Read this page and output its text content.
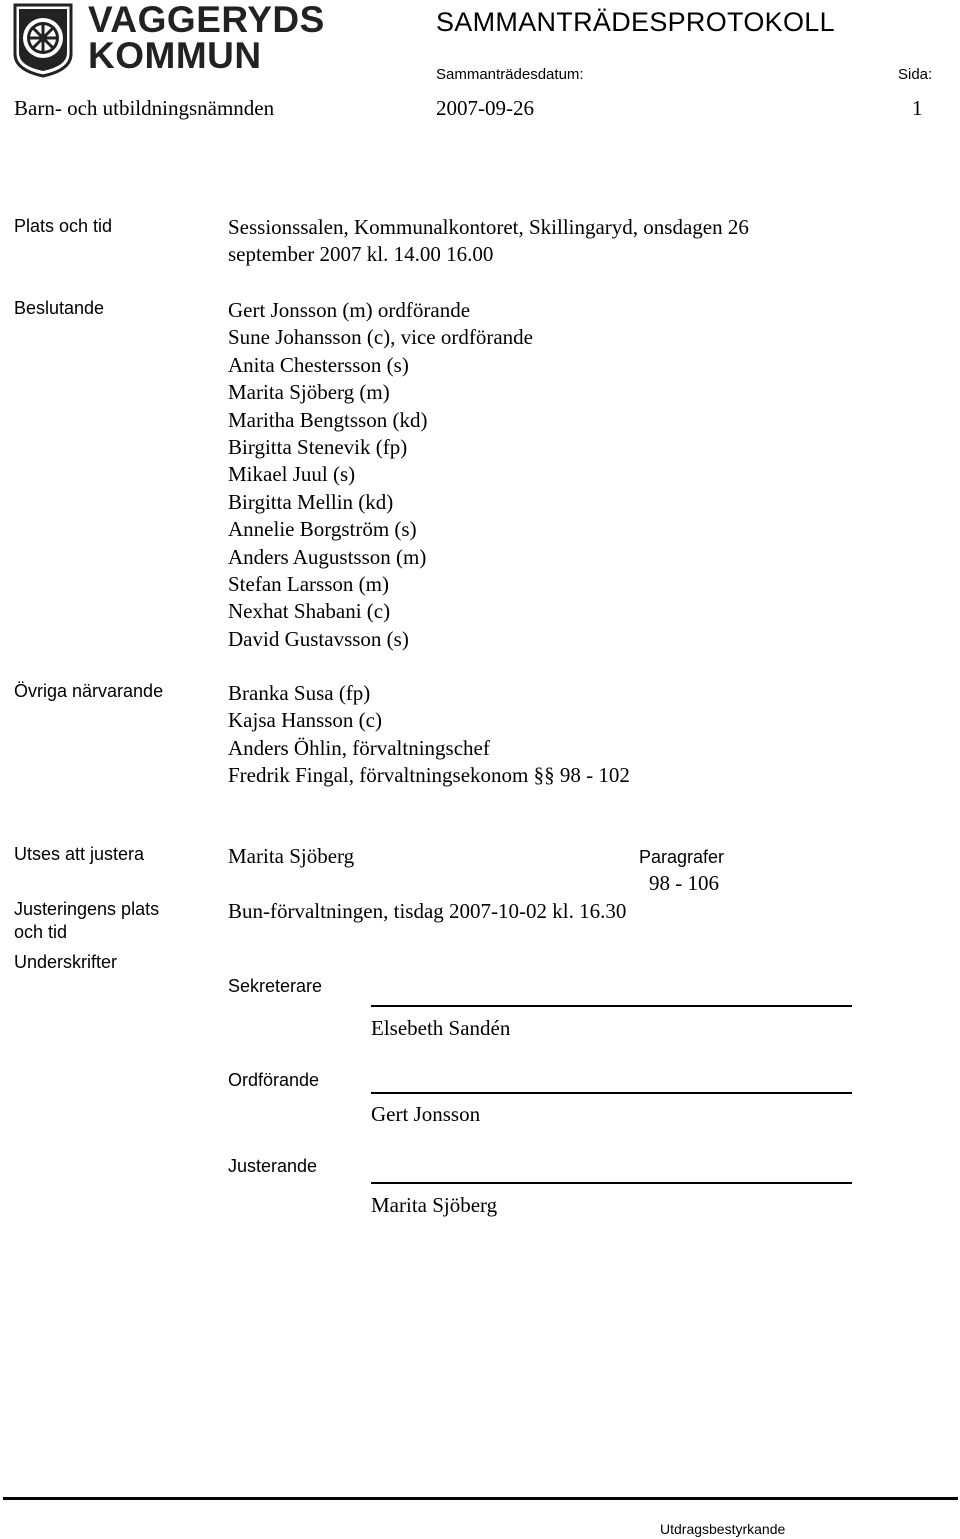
VAGGERYDS
KOMMUN
SAMMANTRÄDESPROTOKOLL
Sammanträdesdatum:	Sida:
Barn- och utbildningsnämnden	2007-09-26	1
Plats och tid	Sessionssalen, Kommunalkontoret, Skillingaryd, onsdagen 26
september 2007 kl. 14.00 16.00
Beslutande	Gert Jonsson (m) ordförande
Sune Johansson (c), vice ordförande
Anita Chestersson (s)
Marita Sjöberg (m)
Maritha Bengtsson (kd)
Birgitta Stenevik (fp)
Mikael Juul (s)
Birgitta Mellin (kd)
Annelie Borgström (s)
Anders Augustsson (m)
Stefan Larsson (m)
Nexhat Shabani (c)
David Gustavsson (s)
Övriga närvarande	Branka Susa (fp)
Kajsa Hansson (c)
Anders Öhlin, förvaltningschef
Fredrik Fingal, förvaltningsekonom §§ 98 - 102
Utses att justera	Marita Sjöberg	Paragrafer
98 - 106
Justeringens plats
och tid
Bun-förvaltningen, tisdag 2007-10-02 kl. 16.30
Underskrifter
Sekreterare
Elsebeth Sandén
Ordförande
Gert Jonsson
Justerande
Marita Sjöberg
Utdragsbestyrkande
